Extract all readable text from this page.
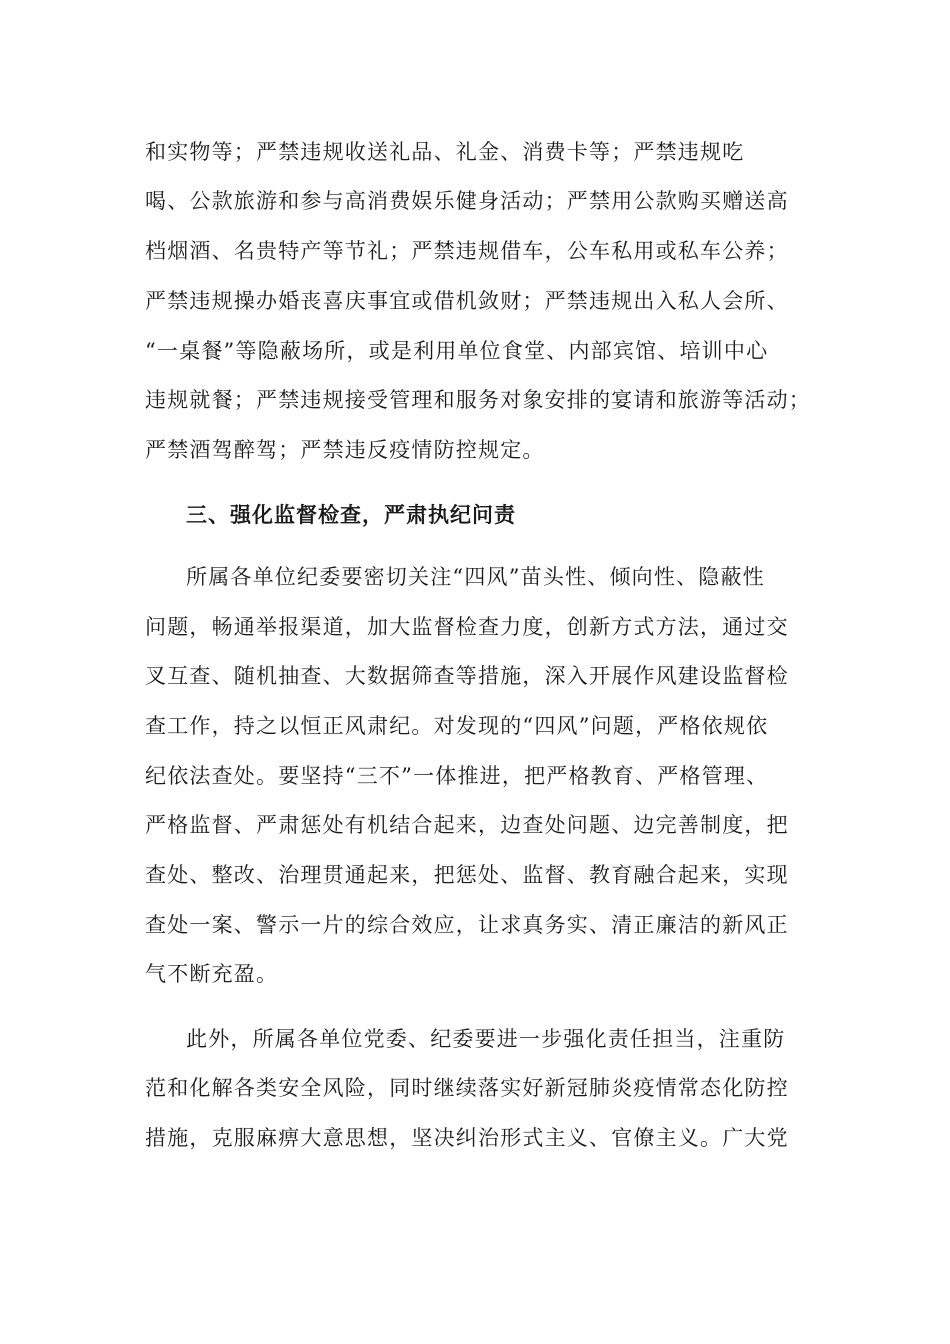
和实物等；严禁违规收送礼品、礼金、消费卡等；严禁违规吃
喝、公款旅游和参与高消费娱乐健身活动；严禁用公款购买赠送高
档烟酒、名贵特产等节礼；严禁违规借车，公车私用或私车公养；
严禁违规操办婚丧喜庆事宜或借机敛财；严禁违规出入私人会所、
“一桌餐”等隐蔽场所，或是利用单位食堂、内部宾馆、培训中心
违规就餐；严禁违规接受管理和服务对象安排的宴请和旅游等活动；
严禁酒驾醉驾；严禁违反疫情防控规定。
三、强化监督检查，严肃执纪问责
所属各单位纪委要密切关注“四风”苗头性、倾向性、隐蔽性
问题，畅通举报渠道，加大监督检查力度，创新方式方法，通过交
叉互查、随机抽查、大数据筛查等措施，深入开展作风建设监督检
查工作，持之以恒正风肃纪。对发现的“四风”问题，严格依规依
纪依法查处。要坚持“三不”一体推进，把严格教育、严格管理、
严格监督、严肃惩处有机结合起来，边查处问题、边完善制度，把
查处、整改、治理贯通起来，把惩处、监督、教育融合起来，实现
查处一案、警示一片的综合效应，让求真务实、清正廉洁的新风正
气不断充盈。
此外，所属各单位党委、纪委要进一步强化责任担当，注重防
范和化解各类安全风险，同时继续落实好新冠肺炎疫情常态化防控
措施，克服麻痹大意思想，坚决纠治形式主义、官僚主义。广大党
